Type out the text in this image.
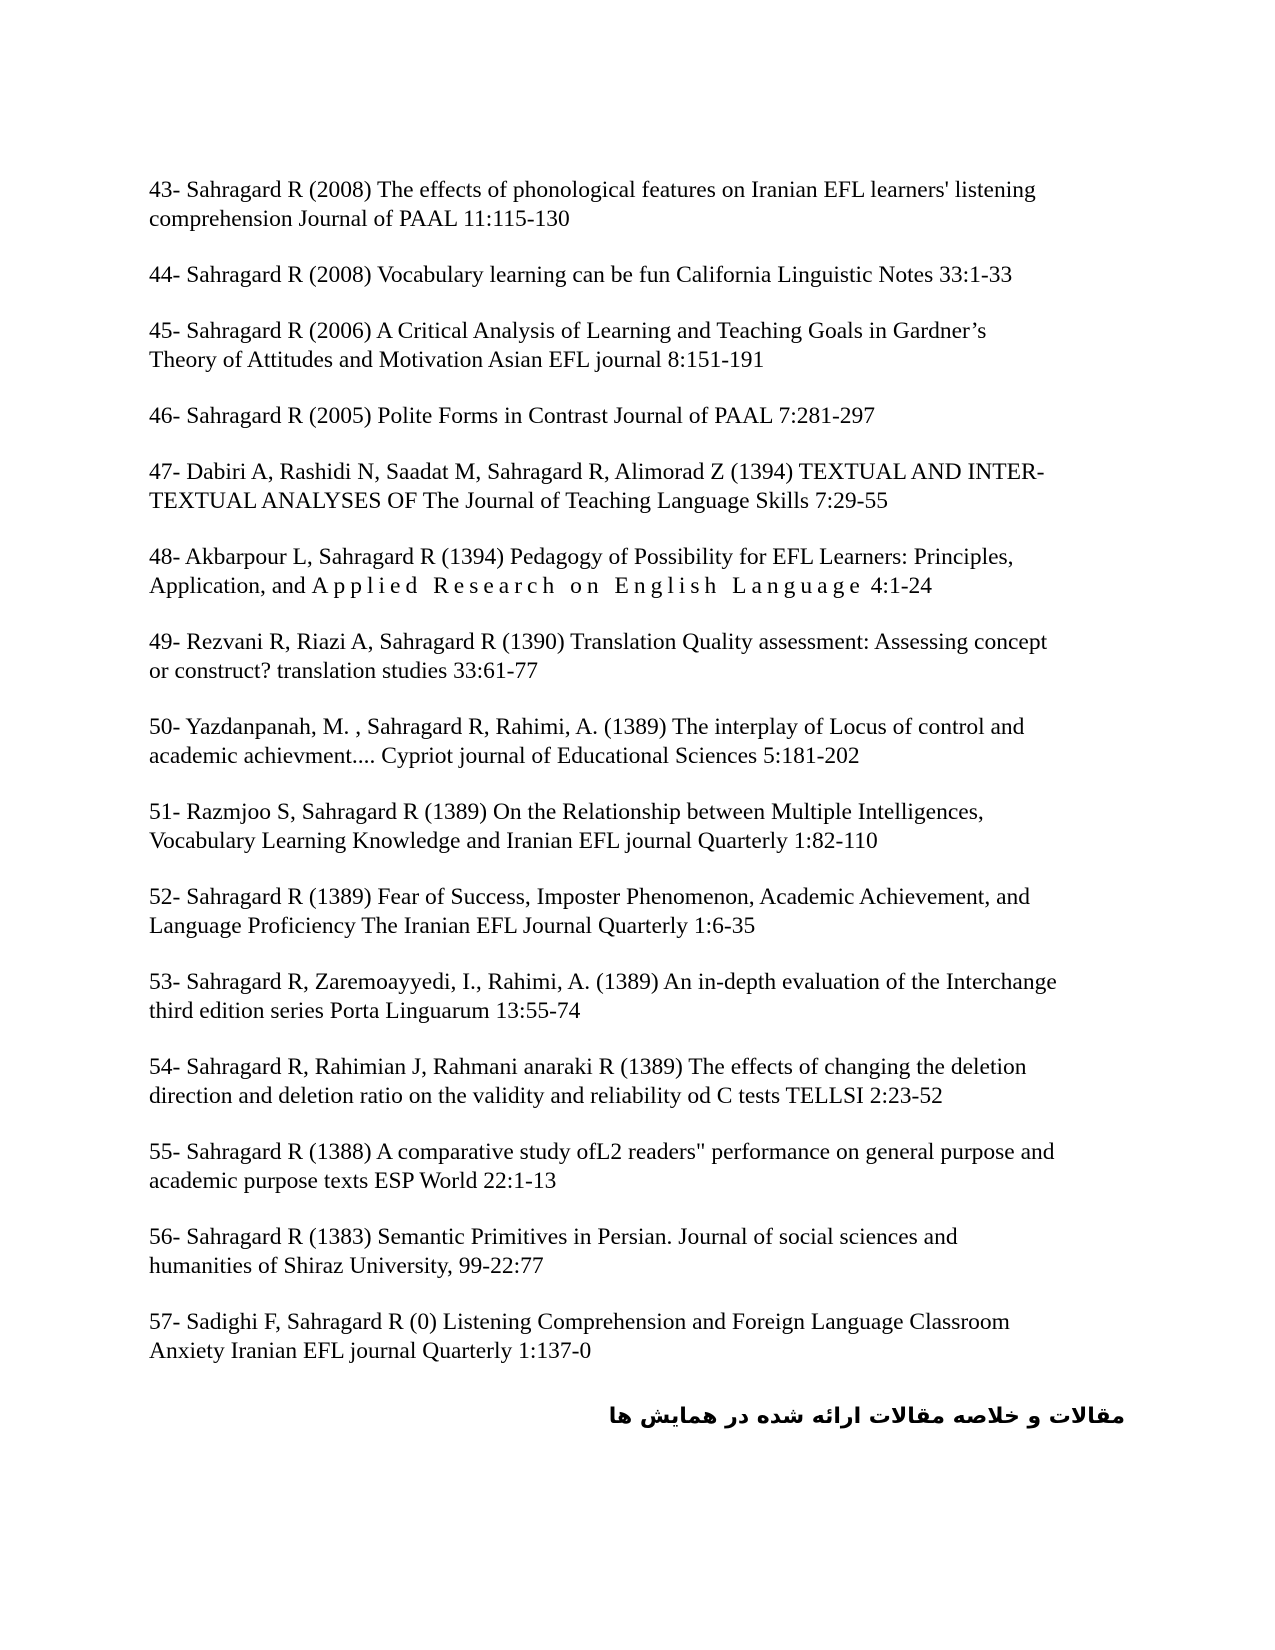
43- Sahragard R (2008) The effects of phonological features on Iranian EFL learners' listening
comprehension Journal of PAAL 11:115-130
44- Sahragard R (2008) Vocabulary learning can be fun California Linguistic Notes 33:1-33
45- Sahragard R (2006) A Critical Analysis of Learning and Teaching Goals in Gardner’s
Theory of Attitudes and Motivation Asian EFL journal 8:151-191
46- Sahragard R (2005) Polite Forms in Contrast Journal of PAAL 7:281-297
47- Dabiri A, Rashidi N, Saadat M, Sahragard R, Alimorad Z (1394) TEXTUAL AND INTER-
TEXTUAL ANALYSES OF The Journal of Teaching Language Skills 7:29-55
48- Akbarpour L, Sahragard R (1394) Pedagogy of Possibility for EFL Learners: Principles,
Application, and Applied Research on English Language 4:1-24
49- Rezvani R, Riazi A, Sahragard R (1390) Translation Quality assessment: Assessing concept
or construct? translation studies 33:61-77
50- Yazdanpanah, M. , Sahragard R, Rahimi, A. (1389) The interplay of Locus of control and
academic achievment.... Cypriot journal of Educational Sciences 5:181-202
51- Razmjoo S, Sahragard R (1389) On the Relationship between Multiple Intelligences,
Vocabulary Learning Knowledge and Iranian EFL journal Quarterly 1:82-110
52- Sahragard R (1389) Fear of Success, Imposter Phenomenon, Academic Achievement, and
Language Proficiency The Iranian EFL Journal Quarterly 1:6-35
53- Sahragard R, Zaremoayyedi, I., Rahimi, A. (1389) An in-depth evaluation of the Interchange
third edition series Porta Linguarum 13:55-74
54- Sahragard R, Rahimian J, Rahmani anaraki R (1389) The effects of changing the deletion
direction and deletion ratio on the validity and reliability od C tests TELLSI 2:23-52
55- Sahragard R (1388) A comparative study ofL2 readers" performance on general purpose and
academic purpose texts ESP World 22:1-13
56- Sahragard R (1383) Semantic Primitives in Persian. Journal of social sciences and
humanities of Shiraz University, 99-22:77
57- Sadighi F, Sahragard R (0) Listening Comprehension and Foreign Language Classroom
Anxiety Iranian EFL journal Quarterly 1:137-0
مقالات و خلاصه مقالات ارائه شده در همايش ها
